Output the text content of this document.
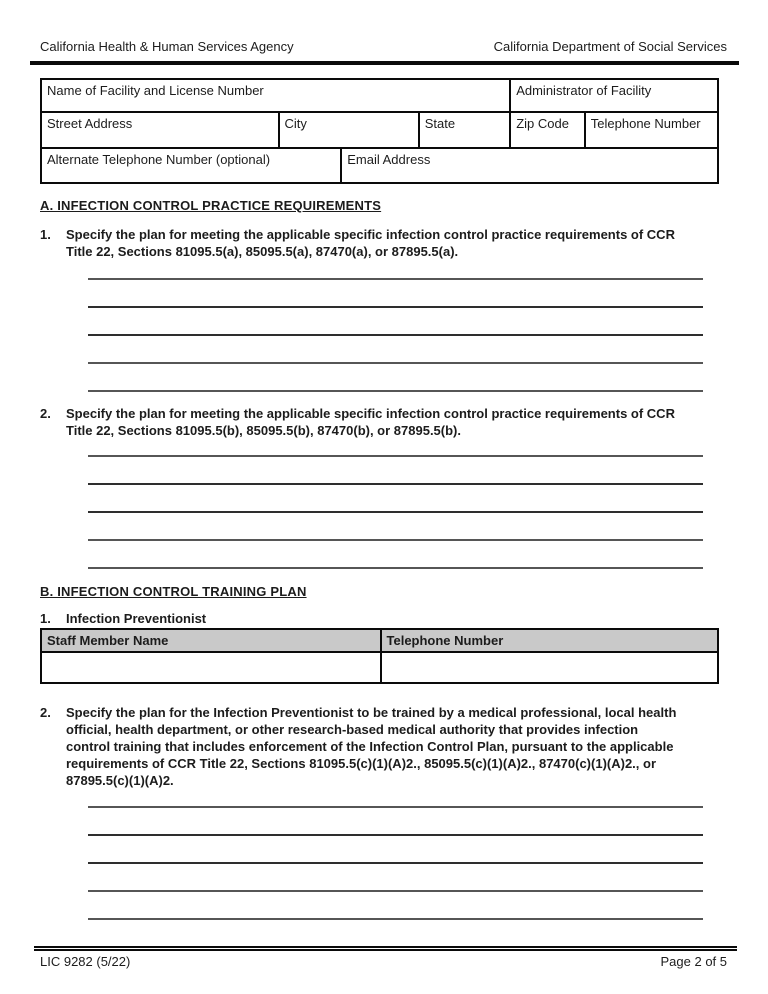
California Health & Human Services Agency	California Department of Social Services
Name of Facility and License Number	Administrator of Facility
Street Address	City	State	Zip Code	Telephone Number
Alternate Telephone Number (optional)	Email Address
A. INFECTION CONTROL PRACTICE REQUIREMENTS
1.	Specify the plan for meeting the applicable specific infection control practice requirements of CCR
Title 22, Sections 81095.5(a), 85095.5(a), 87470(a), or 87895.5(a).
2.	Specify the plan for meeting the applicable specific infection control practice requirements of CCR
Title 22, Sections 81095.5(b), 85095.5(b), 87470(b), or 87895.5(b).
B. INFECTION CONTROL TRAINING PLAN
1.	Infection Preventionist
Staff Member Name	Telephone Number
2.	Specify the plan for the Infection Preventionist to be trained by a medical professional, local health
official, health department, or other research-based medical authority that provides infection
control training that includes enforcement of the Infection Control Plan, pursuant to the applicable
requirements of CCR Title 22, Sections 81095.5(c)(1)(A)2., 85095.5(c)(1)(A)2., 87470(c)(1)(A)2., or
87895.5(c)(1)(A)2.
LIC 9282 (5/22)	Page 2 of 5
